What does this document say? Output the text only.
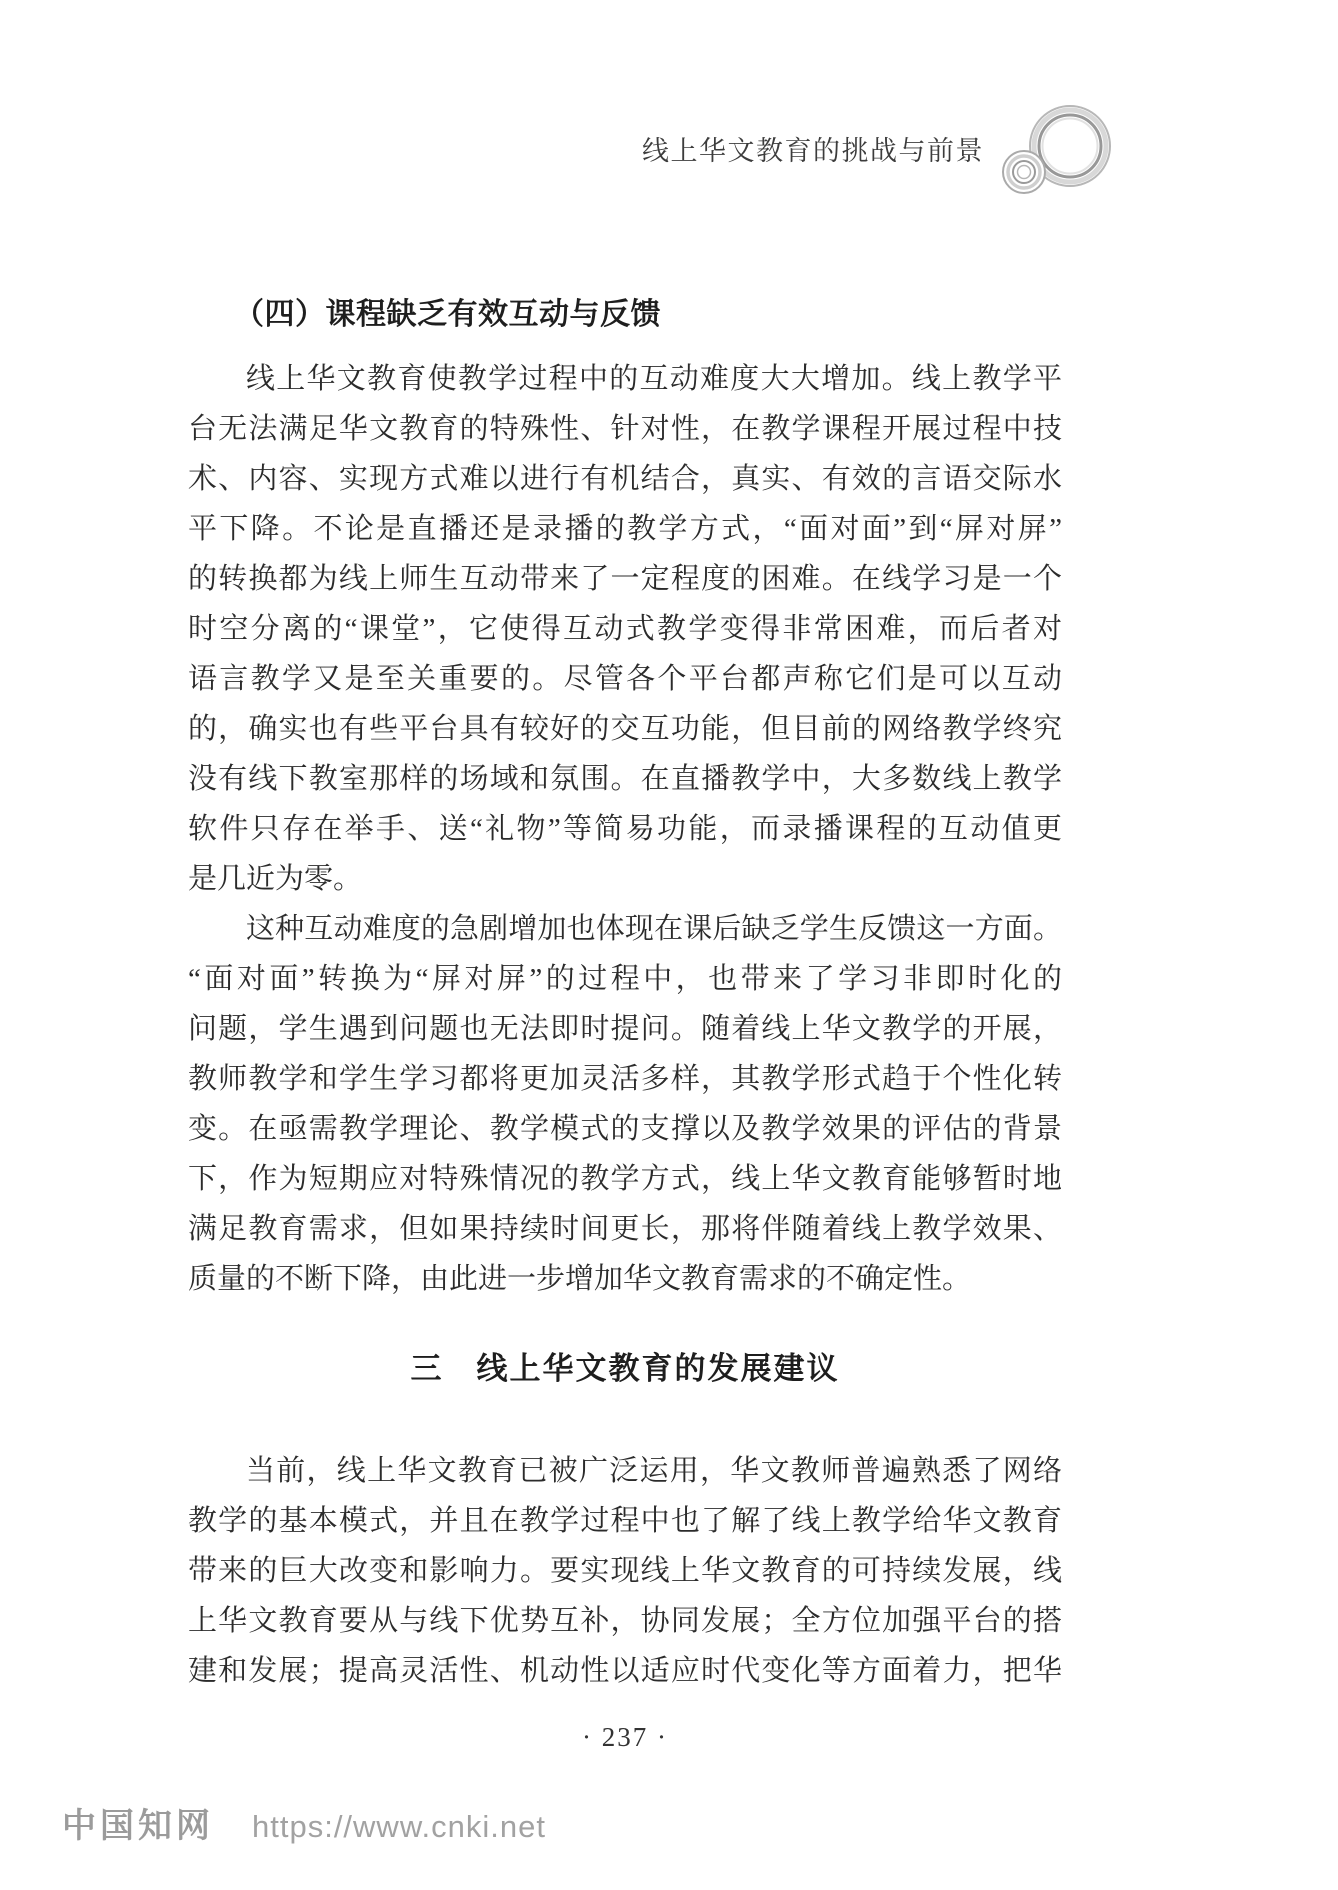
线上华文教育的挑战与前景
（四）课程缺乏有效互动与反馈
线上华文教育使教学过程中的互动难度大大增加。线上教学平
台无法满足华文教育的特殊性、针对性，在教学课程开展过程中技
术、内容、实现方式难以进行有机结合，真实、有效的言语交际水
平下降。不论是直播还是录播的教学方式，“面对面”到“屏对屏”
的转换都为线上师生互动带来了一定程度的困难。在线学习是一个
时空分离的“课堂”，它使得互动式教学变得非常困难，而后者对
语言教学又是至关重要的。尽管各个平台都声称它们是可以互动
的，确实也有些平台具有较好的交互功能，但目前的网络教学终究
没有线下教室那样的场域和氛围。在直播教学中，大多数线上教学
软件只存在举手、送“礼物”等简易功能，而录播课程的互动值更
是几近为零。
这种互动难度的急剧增加也体现在课后缺乏学生反馈这一方面。
“面对面”转换为“屏对屏”的过程中，也带来了学习非即时化的
问题，学生遇到问题也无法即时提问。随着线上华文教学的开展，
教师教学和学生学习都将更加灵活多样，其教学形式趋于个性化转
变。在亟需教学理论、教学模式的支撑以及教学效果的评估的背景
下，作为短期应对特殊情况的教学方式，线上华文教育能够暂时地
满足教育需求，但如果持续时间更长，那将伴随着线上教学效果、
质量的不断下降，由此进一步增加华文教育需求的不确定性。
三　线上华文教育的发展建议
当前，线上华文教育已被广泛运用，华文教师普遍熟悉了网络
教学的基本模式，并且在教学过程中也了解了线上教学给华文教育
带来的巨大改变和影响力。要实现线上华文教育的可持续发展，线
上华文教育要从与线下优势互补，协同发展；全方位加强平台的搭
建和发展；提高灵活性、机动性以适应时代变化等方面着力，把华
· 237 ·
中国知网 https://www.cnki.net
